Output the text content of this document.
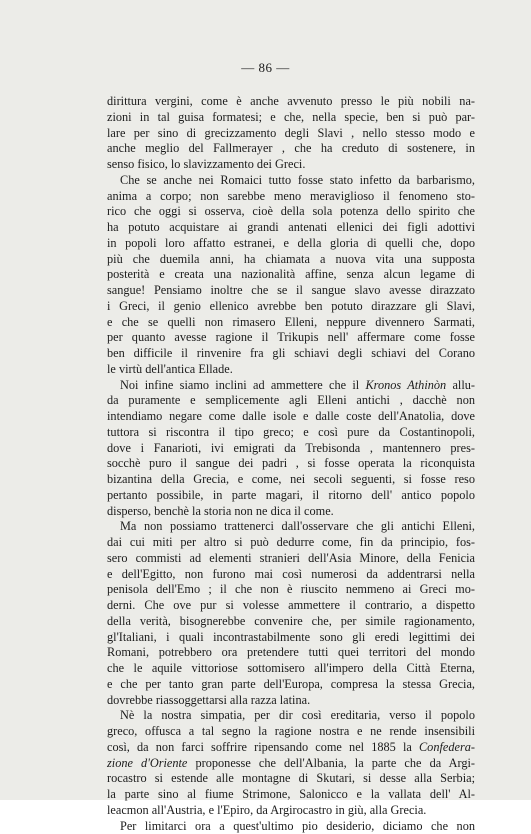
— 86 —
dirittura vergini, come è anche avvenuto presso le più nobili na-
zioni in tal guisa formatesi; e che, nella specie, ben si può par-
lare per sino di grecizzamento degli Slavi , nello stesso modo e
anche meglio del Fallmerayer , che ha creduto di sostenere, in
senso fisico, lo slavizzamento dei Greci.
Che se anche nei Romaici tutto fosse stato infetto da barbarismo,
anima a corpo; non sarebbe meno meraviglioso il fenomeno sto-
rico che oggi si osserva, cioè della sola potenza dello spirito che
ha potuto acquistare ai grandi antenati ellenici dei figli adottivi
in popoli loro affatto estranei, e della gloria di quelli che, dopo
più che duemila anni, ha chiamata a nuova vita una supposta
posterità e creata una nazionalità affine, senza alcun legame di
sangue! Pensiamo inoltre che se il sangue slavo avesse dirazzato
i Greci, il genio ellenico avrebbe ben potuto dirazzare gli Slavi,
e che se quelli non rimasero Elleni, neppure divennero Sarmati,
per quanto avesse ragione il Trikupis nell' affermare come fosse
ben difficile il rinvenire fra gli schiavi degli schiavi del Corano
le virtù dell'antica Ellade.
Noi infine siamo inclini ad ammettere che il Kronos Athinòn allu-
da puramente e semplicemente agli Elleni antichi , dacchè non
intendiamo negare come dalle isole e dalle coste dell'Anatolia, dove
tuttora si riscontra il tipo greco; e così pure da Costantinopoli,
dove i Fanarioti, ivi emigrati da Trebisonda , mantennero pres-
socchè puro il sangue dei padri , si fosse operata la riconquista
bizantina della Grecia, e come, nei secoli seguenti, si fosse reso
pertanto possibile, in parte magari, il ritorno dell' antico popolo
disperso, benchè la storia non ne dica il come.
Ma non possiamo trattenerci dall'osservare che gli antichi Elleni,
dai cui miti per altro si può dedurre come, fin da principio, fos-
sero commisti ad elementi stranieri dell'Asia Minore, della Fenicia
e dell'Egitto, non furono mai così numerosi da addentrarsi nella
penisola dell'Emo ; il che non è riuscito nemmeno ai Greci mo-
derni. Che ove pur si volesse ammettere il contrario, a dispetto
della verità, bisognerebbe convenire che, per simile ragionamento,
gl'Italiani, i quali incontrastabilmente sono gli eredi legittimi dei
Romani, potrebbero ora pretendere tutti quei territori del mondo
che le aquile vittoriose sottomisero all'impero della Città Eterna,
e che per tanto gran parte dell'Europa, compresa la stessa Grecia,
dovrebbe riassoggettarsi alla razza latina.
Nè la nostra simpatia, per dir così ereditaria, verso il popolo
greco, offusca a tal segno la ragione nostra e ne rende insensibili
così, da non farci soffrire ripensando come nel 1885 la Confedera-
zione d'Oriente proponesse che dell'Albania, la parte che da Argi-
rocastro si estende alle montagne di Skutari, si desse alla Serbia;
la parte sino al fiume Strimone, Salonicco e la vallata dell' Al-
leacmon all'Austria, e l'Epiro, da Argirocastro in giù, alla Grecia.
Per limitarci ora a quest'ultimo pio desiderio, diciamo che non
